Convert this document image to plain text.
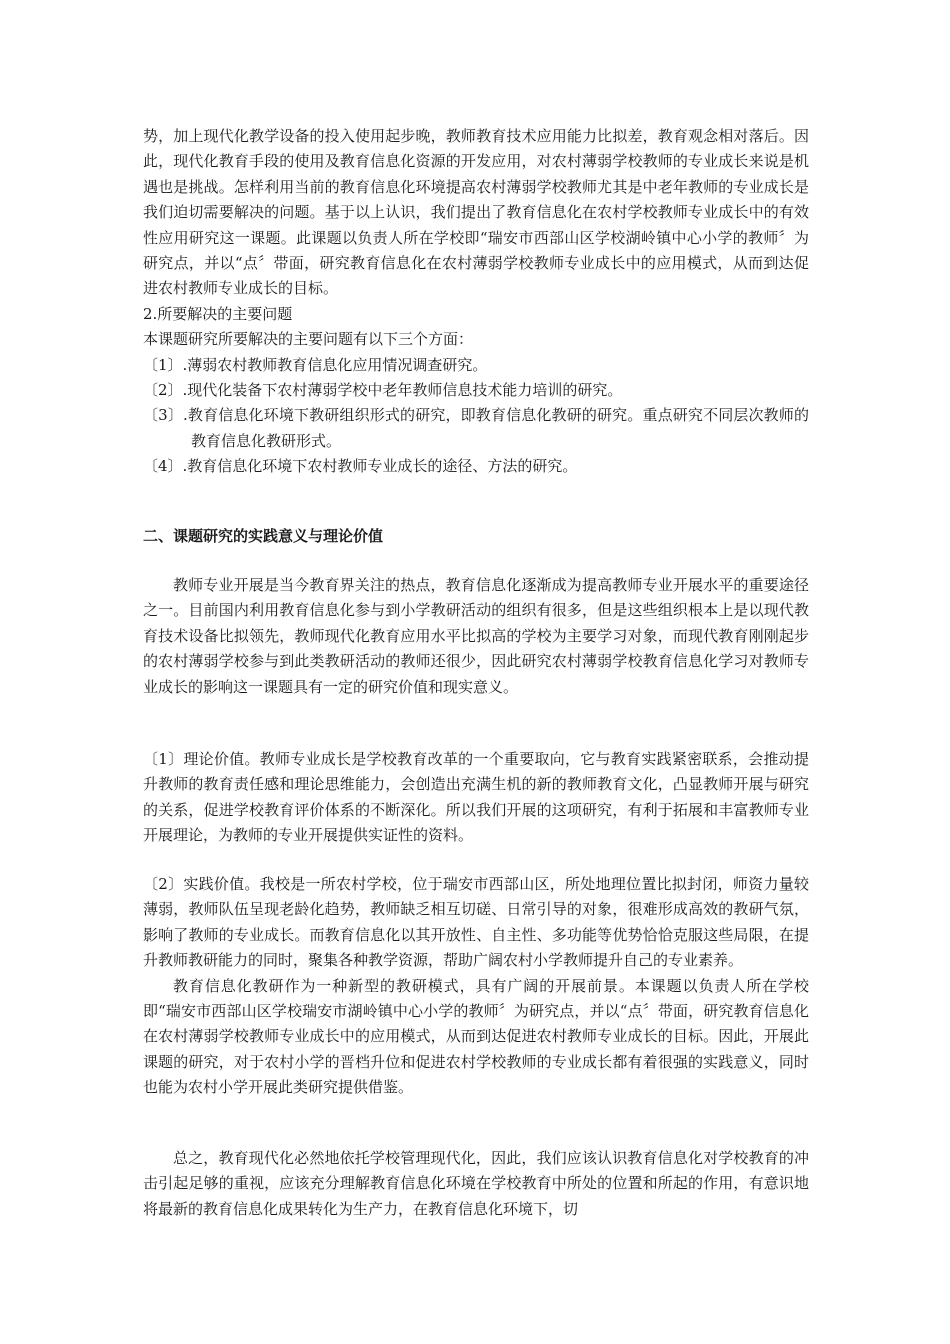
势，加上现代化教学设备的投入使用起步晚，教师教育技术应用能力比拟差，教育观念相对落后。因此，现代化教育手段的使用及教育信息化资源的开发应用，对农村薄弱学校教师的专业成长来说是机遇也是挑战。怎样利用当前的教育信息化环境提高农村薄弱学校教师尤其是中老年教师的专业成长是我们迫切需要解决的问题。基于以上认识，我们提出了教育信息化在农村学校教师专业成长中的有效性应用研究这一课题。此课题以负责人所在学校即“瑞安市西部山区学校湖岭镇中心小学的教师〞为研究点，并以“点〞带面，研究教育信息化在农村薄弱学校教师专业成长中的应用模式，从而到达促进农村教师专业成长的目标。

2.所要解决的主要问题

本课题研究所要解决的主要问题有以下三个方面：

〔1〕.薄弱农村教师教育信息化应用情况调查研究。

〔2〕.现代化装备下农村薄弱学校中老年教师信息技术能力培训的研究。

〔3〕.教育信息化环境下教研组织形式的研究，即教育信息化教研的研究。重点研究不同层次教师的教育信息化教研形式。

〔4〕.教育信息化环境下农村教师专业成长的途径、方法的研究。

二、课题研究的实践意义与理论价值
教师专业开展是当今教育界关注的热点，教育信息化逐渐成为提高教师专业开展水平的重要途径之一。目前国内利用教育信息化参与到小学教研活动的组织有很多，但是这些组织根本上是以现代教育技术设备比拟领先，教师现代化教育应用水平比拟高的学校为主要学习对象，而现代教育刚刚起步的农村薄弱学校参与到此类教研活动的教师还很少，因此研究农村薄弱学校教育信息化学习对教师专业成长的影响这一课题具有一定的研究价值和现实意义。
〔1〕理论价值。教师专业成长是学校教育改革的一个重要取向，它与教育实践紧密联系，会推动提升教师的教育责任感和理论思维能力，会创造出充满生机的新的教师教育文化，凸显教师开展与研究的关系，促进学校教育评价体系的不断深化。所以我们开展的这项研究，有利于拓展和丰富教师专业开展理论，为教师的专业开展提供实证性的资料。

〔2〕实践价值。我校是一所农村学校，位于瑞安市西部山区，所处地理位置比拟封闭，师资力量较薄弱，教师队伍呈现老龄化趋势，教师缺乏相互切磋、日常引导的对象，很难形成高效的教研气氛，影响了教师的专业成长。而教育信息化以其开放性、自主性、多功能等优势恰恰克服这些局限，在提升教师教研能力的同时，聚集各种教学资源，帮助广阔农村小学教师提升自己的专业素养。

教育信息化教研作为一种新型的教研模式，具有广阔的开展前景。本课题以负责人所在学校即“瑞安市西部山区学校瑞安市湖岭镇中心小学的教师〞为研究点，并以“点〞带面，研究教育信息化在农村薄弱学校教师专业成长中的应用模式，从而到达促进农村教师专业成长的目标。因此，开展此课题的研究，对于农村小学的晋档升位和促进农村学校教师的专业成长都有着很强的实践意义，同时也能为农村小学开展此类研究提供借鉴。

总之，教育现代化必然地依托学校管理现代化，因此，我们应该认识教育信息化对学校教育的冲击引起足够的重视，应该充分理解教育信息化环境在学校教育中所处的位置和所起的作用，有意识地将最新的教育信息化成果转化为生产力，在教育信息化环境下，切
